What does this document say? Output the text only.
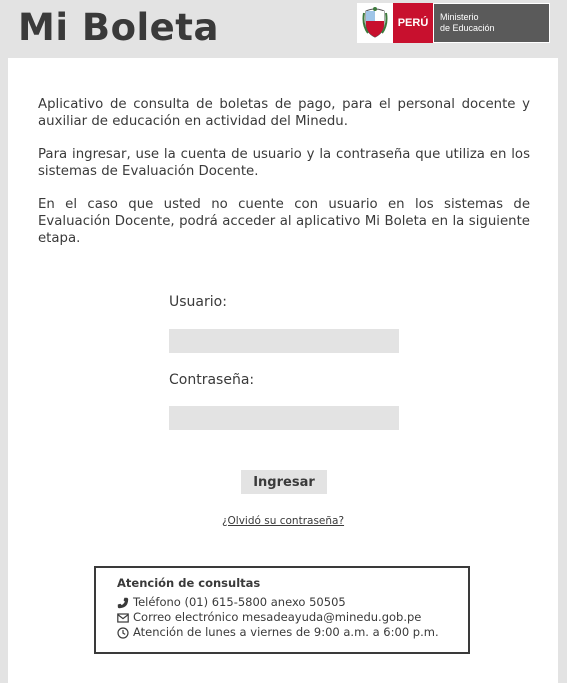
Mi Boleta	PERÚ	Ministerio
de Educación

Aplicativo de consulta de boletas de pago, para el personal docente y auxiliar de educación en actividad del Minedu.

Para ingresar, use la cuenta de usuario y la contraseña que utiliza en los sistemas de Evaluación Docente.

En el caso que usted no cuente con usuario en los sistemas de Evaluación Docente, podrá acceder al aplicativo Mi Boleta en la siguiente etapa.

Usuario:
Contraseña:
Ingresar
¿Olvidó su contraseña?
Atención de consultas
Teléfono (01) 615-5800 anexo 50505
Correo electrónico mesadeayuda@minedu.gob.pe
Atención de lunes a viernes de 9:00 a.m. a 6:00 p.m.
